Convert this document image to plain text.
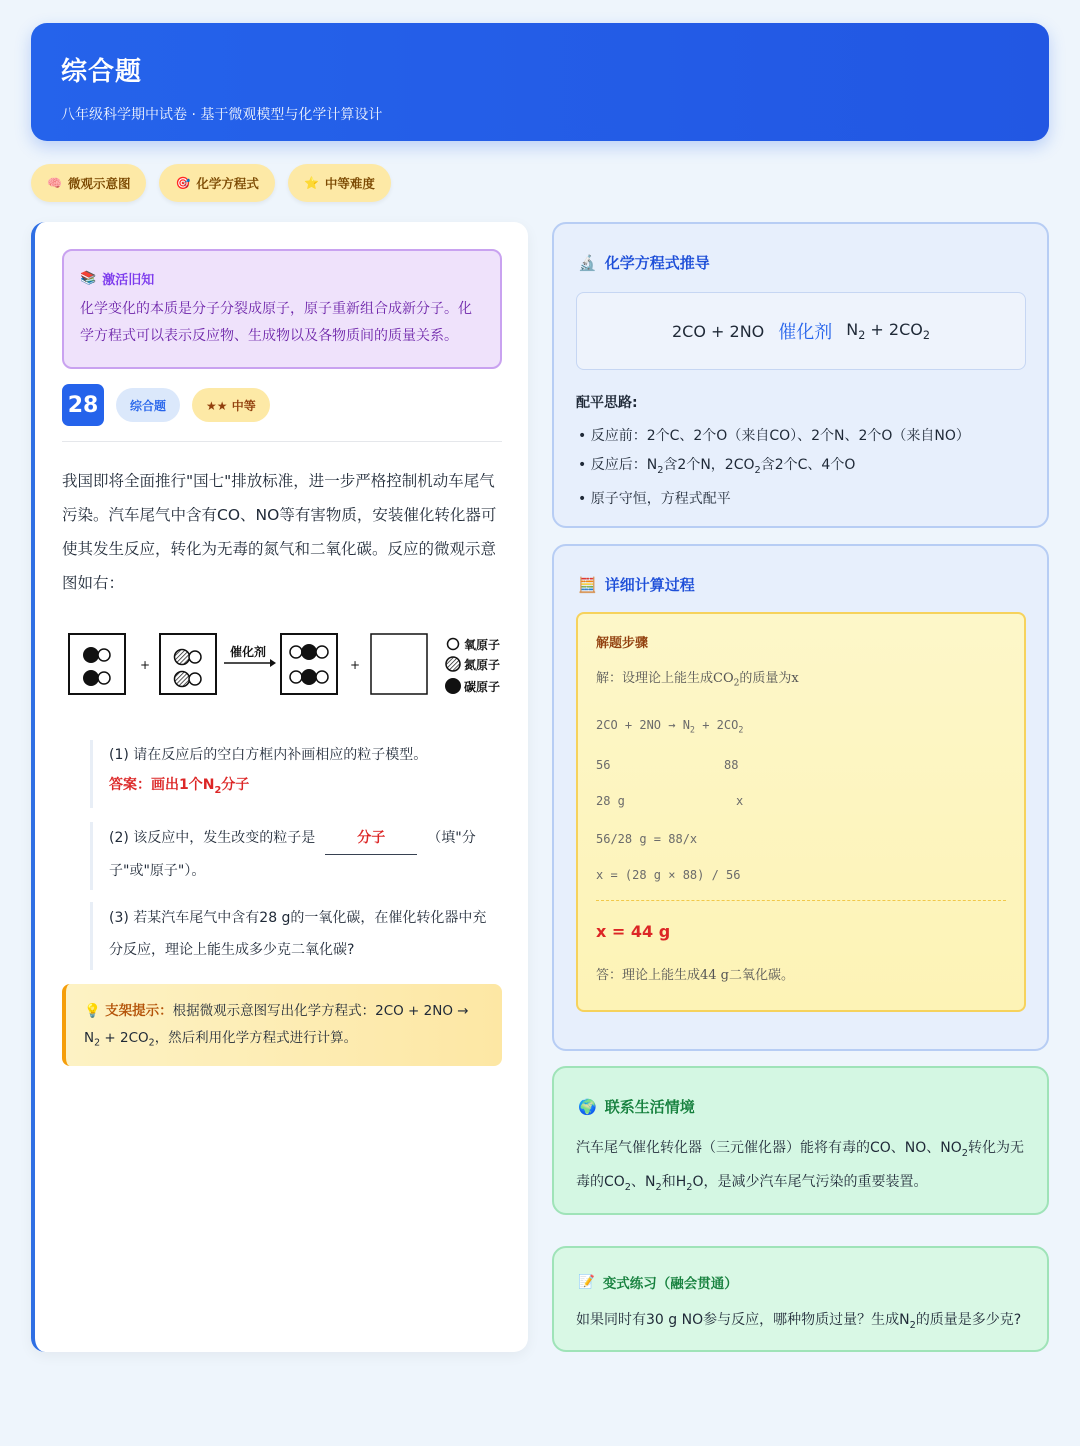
综合题
八年级科学期中试卷 · 基于微观模型与化学计算设计
🧠 微观示意图	🎯 化学方程式	⭐ 中等难度
📚 激活旧知
化学变化的本质是分子分裂成原子，原子重新组合成新分子。化学方程式可以表示反应物、生成物以及各物质间的质量关系。
28	综合题	★★ 中等
我国即将全面推行"国七"排放标准，进一步严格控制机动车尾气污染。汽车尾气中含有CO、NO等有害物质，安装催化转化器可使其发生反应，转化为无毒的氮气和二氧化碳。反应的微观示意图如右：
+
催化剂
+
氧原子
氮原子
碳原子
(1) 请在反应后的空白方框内补画相应的粒子模型。
答案：画出1个$N_2$分子
(2) 该反应中，发生改变的粒子是	分子	（填"分子"或"原子"）。
(3) 若某汽车尾气中含有28 g的一氧化碳，在催化转化器中充分反应，理论上能生成多少克二氧化碳?
💡 支架提示：根据微观示意图写出化学方程式：2CO + 2NO →
$N_2 + 2CO_2$，然后利用化学方程式进行计算。
🔬 化学方程式推导
2CO + 2NO 催化剂 $N_2 + 2CO_2$
配平思路:
• 反应前：2个C、2个O（来自CO）、2个N、2个O（来自NO）
• 反应后：$N_2$含2个N，$2CO_2$含2个C、4个O
• 原子守恒，方程式配平
🧮 详细计算过程
解题步骤
解：设理论上能生成$CO_2$的质量为x
$2CO + 2NO \to N_2 + 2CO_2$
56	88
28 g	x
56/28 g = 88/x
x = (28 g × 88) / 56
x = 44 g
答：理论上能生成44 g二氧化碳。
🌍 联系生活情境
汽车尾气催化转化器（三元催化器）能将有毒的CO、NO、$NO_2$转化为无毒的$CO_2$、$N_2$和$H_2O$，是减少汽车尾气污染的重要装置。
📝 变式练习（融会贯通）
如果同时有30 g NO参与反应，哪种物质过量？生成$N_2$的质量是多少克?
